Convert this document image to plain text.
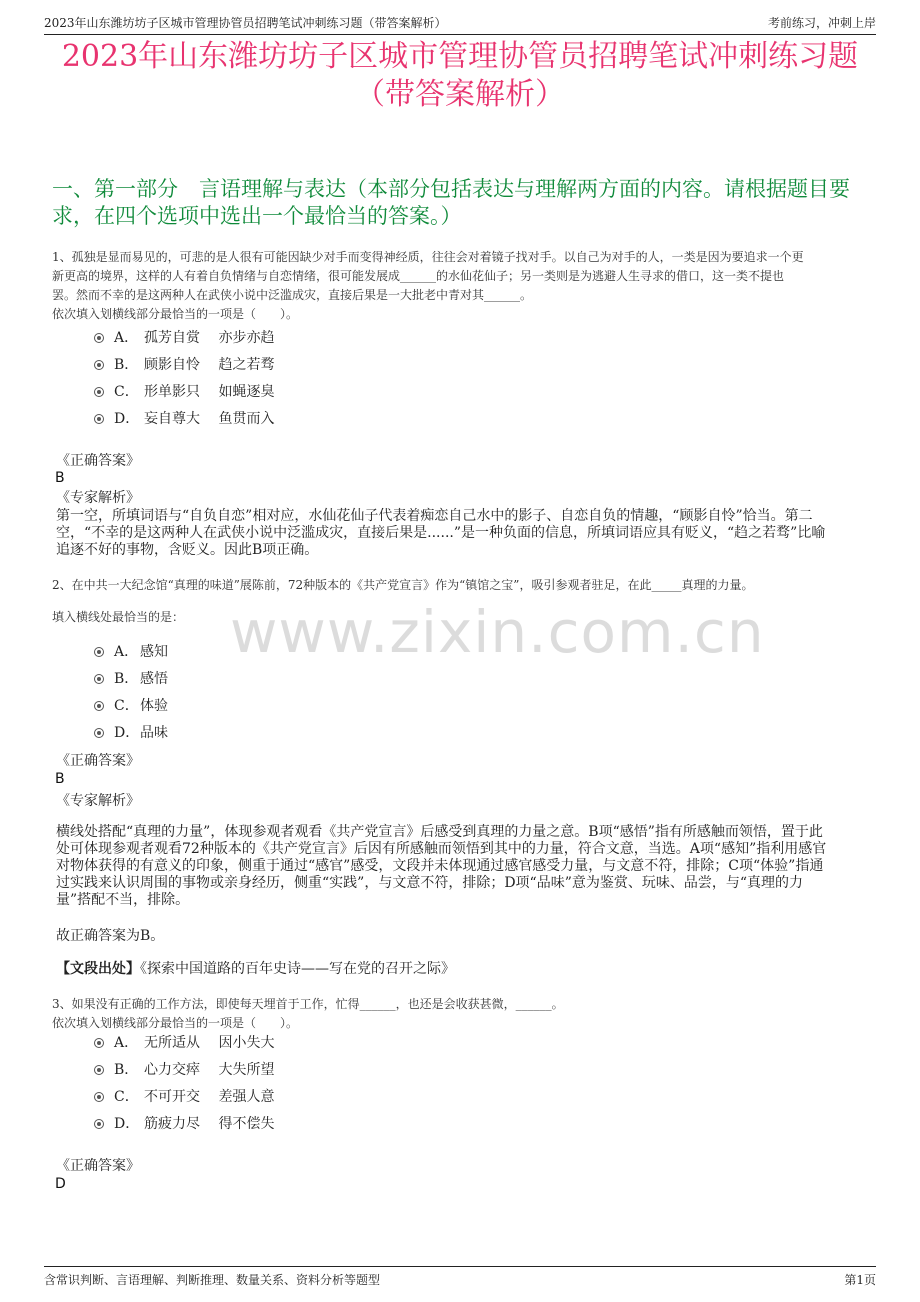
2023年山东潍坊坊子区城市管理协管员招聘笔试冲刺练习题（带答案解析）	考前练习，冲刺上岸
2023年山东潍坊坊子区城市管理协管员招聘笔试冲刺练习题
（带答案解析）
一、第一部分　言语理解与表达（本部分包括表达与理解两方面的内容。请根据题目要求，在四个选项中选出一个最恰当的答案。）
www.zixin.com.cn
1、孤独是显而易见的，可悲的是人很有可能因缺少对手而变得神经质，往往会对着镜子找对手。以自己为对手的人，一类是因为要追求一个更
新更高的境界，这样的人有着自负情绪与自恋情绪，很可能发展成______的水仙花仙子；另一类则是为逃避人生寻求的借口，这一类不提也
罢。然而不幸的是这两种人在武侠小说中泛滥成灾，直接后果是一大批老中青对其______。
依次填入划横线部分最恰当的一项是（　　）。
A． 孤芳自赏　 亦步亦趋
B． 顾影自怜　 趋之若骛
C． 形单影只　 如蝇逐臭
D． 妄自尊大　 鱼贯而入
《正确答案》
B
《专家解析》
第一空，所填词语与“自负自恋”相对应，水仙花仙子代表着痴恋自己水中的影子、自恋自负的情趣，“顾影自怜”恰当。第二
空，“不幸的是这两种人在武侠小说中泛滥成灾，直接后果是......”是一种负面的信息，所填词语应具有贬义，“趋之若骛”比喻
追逐不好的事物，含贬义。因此B项正确。
2、在中共一大纪念馆“真理的味道”展陈前，72种版本的《共产党宣言》作为“镇馆之宝”，吸引参观者驻足，在此_____真理的力量。
填入横线处最恰当的是：
A． 感知
B． 感悟
C． 体验
D． 品味
《正确答案》
B
《专家解析》
横线处搭配“真理的力量”，体现参观者观看《共产党宣言》后感受到真理的力量之意。B项“感悟”指有所感触而领悟，置于此
处可体现参观者观看72种版本的《共产党宣言》后因有所感触而领悟到其中的力量，符合文意，当选。A项“感知”指利用感官
对物体获得的有意义的印象，侧重于通过“感官”感受，文段并未体现通过感官感受力量，与文意不符，排除；C项“体验”指通
过实践来认识周围的事物或亲身经历，侧重“实践”，与文意不符，排除；D项“品味”意为鉴赏、玩味、品尝，与“真理的力
量”搭配不当，排除。
故正确答案为B。
【文段出处】《探索中国道路的百年史诗——写在党的召开之际》
3、如果没有正确的工作方法，即使每天埋首于工作，忙得______，也还是会收获甚微，______。
依次填入划横线部分最恰当的一项是（　　）。
A． 无所适从　 因小失大
B． 心力交瘁　 大失所望
C． 不可开交　 差强人意
D． 筋疲力尽　 得不偿失
《正确答案》
D
含常识判断、言语理解、判断推理、数量关系、资料分析等题型	第1页
